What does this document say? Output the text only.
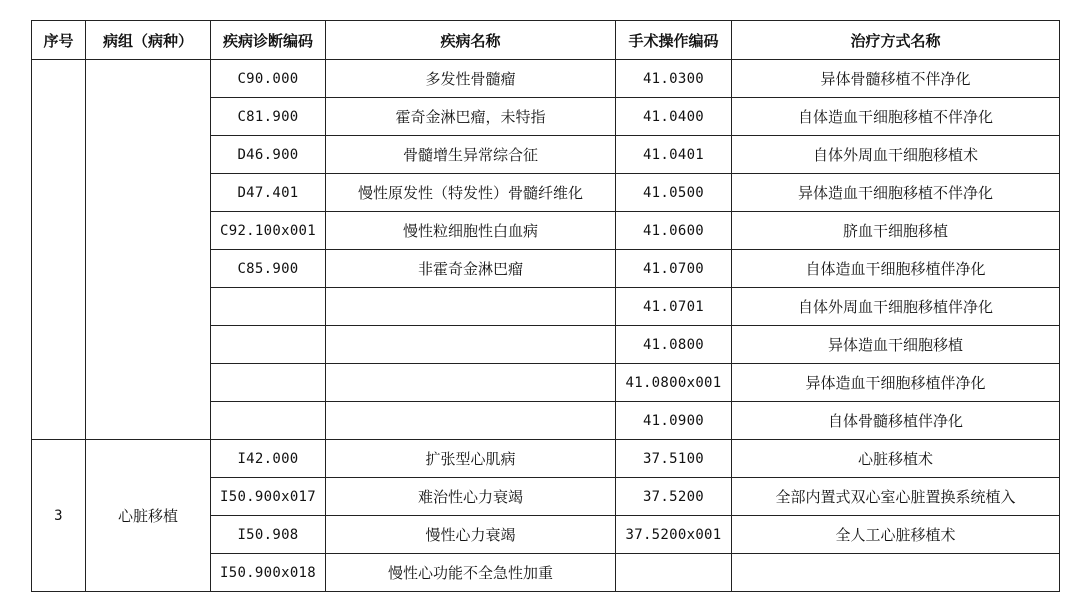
序号	病组（病种）	疾病诊断编码	疾病名称	手术操作编码	治疗方式名称
		C90.000	多发性骨髓瘤	41.0300	异体骨髓移植不伴净化
		C81.900	霍奇金淋巴瘤，未特指	41.0400	自体造血干细胞移植不伴净化
		D46.900	骨髓增生异常综合征	41.0401	自体外周血干细胞移植术
		D47.401	慢性原发性（特发性）骨髓纤维化	41.0500	异体造血干细胞移植不伴净化
		C92.100x001	慢性粒细胞性白血病	41.0600	脐血干细胞移植
		C85.900	非霍奇金淋巴瘤	41.0700	自体造血干细胞移植伴净化
				41.0701	自体外周血干细胞移植伴净化
				41.0800	异体造血干细胞移植
				41.0800x001	异体造血干细胞移植伴净化
				41.0900	自体骨髓移植伴净化
3	心脏移植	I42.000	扩张型心肌病	37.5100	心脏移植术
		I50.900x017	难治性心力衰竭	37.5200	全部内置式双心室心脏置换系统植入
		I50.908	慢性心力衰竭	37.5200x001	全人工心脏移植术
		I50.900x018	慢性心功能不全急性加重		
